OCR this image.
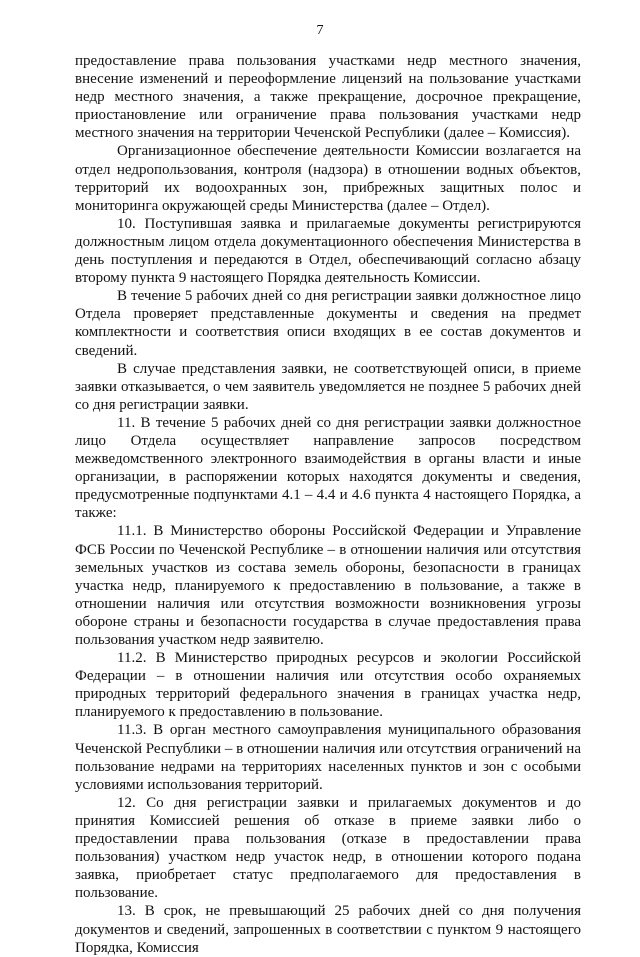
7

предоставление права пользования участками недр местного значения, внесение изменений и переоформление лицензий на пользование участками недр местного значения, а также прекращение, досрочное прекращение, приостановление или ограничение права пользования участками недр местного значения на территории Чеченской Республики (далее – Комиссия).

Организационное обеспечение деятельности Комиссии возлагается на отдел недропользования, контроля (надзора) в отношении водных объектов, территорий их водоохранных зон, прибрежных защитных полос и мониторинга окружающей среды Министерства (далее – Отдел).

10. Поступившая заявка и прилагаемые документы регистрируются должностным лицом отдела документационного обеспечения Министерства в день поступления и передаются в Отдел, обеспечивающий согласно абзацу второму пункта 9 настоящего Порядка деятельность Комиссии.

В течение 5 рабочих дней со дня регистрации заявки должностное лицо Отдела проверяет представленные документы и сведения на предмет комплектности и соответствия описи входящих в ее состав документов и сведений.

В случае представления заявки, не соответствующей описи, в приеме заявки отказывается, о чем заявитель уведомляется не позднее 5 рабочих дней со дня регистрации заявки.

11. В течение 5 рабочих дней со дня регистрации заявки должностное лицо Отдела осуществляет направление запросов посредством межведомственного электронного взаимодействия в органы власти и иные организации, в распоряжении которых находятся документы и сведения, предусмотренные подпунктами 4.1 – 4.4 и 4.6 пункта 4 настоящего Порядка, а также:

11.1. В Министерство обороны Российской Федерации и Управление ФСБ России по Чеченской Республике – в отношении наличия или отсутствия земельных участков из состава земель обороны, безопасности в границах участка недр, планируемого к предоставлению в пользование, а также в отношении наличия или отсутствия возможности возникновения угрозы обороне страны и безопасности государства в случае предоставления права пользования участком недр заявителю.

11.2. В Министерство природных ресурсов и экологии Российской Федерации – в отношении наличия или отсутствия особо охраняемых природных территорий федерального значения в границах участка недр, планируемого к предоставлению в пользование.

11.3. В орган местного самоуправления муниципального образования Чеченской Республики – в отношении наличия или отсутствия ограничений на пользование недрами на территориях населенных пунктов и зон с особыми условиями использования территорий.

12. Со дня регистрации заявки и прилагаемых документов и до принятия Комиссией решения об отказе в приеме заявки либо о предоставлении права пользования (отказе в предоставлении права пользования) участком недр участок недр, в отношении которого подана заявка, приобретает статус предполагаемого для предоставления в пользование.

13. В срок, не превышающий 25 рабочих дней со дня получения документов и сведений, запрошенных в соответствии с пунктом 9 настоящего Порядка, Комиссия
